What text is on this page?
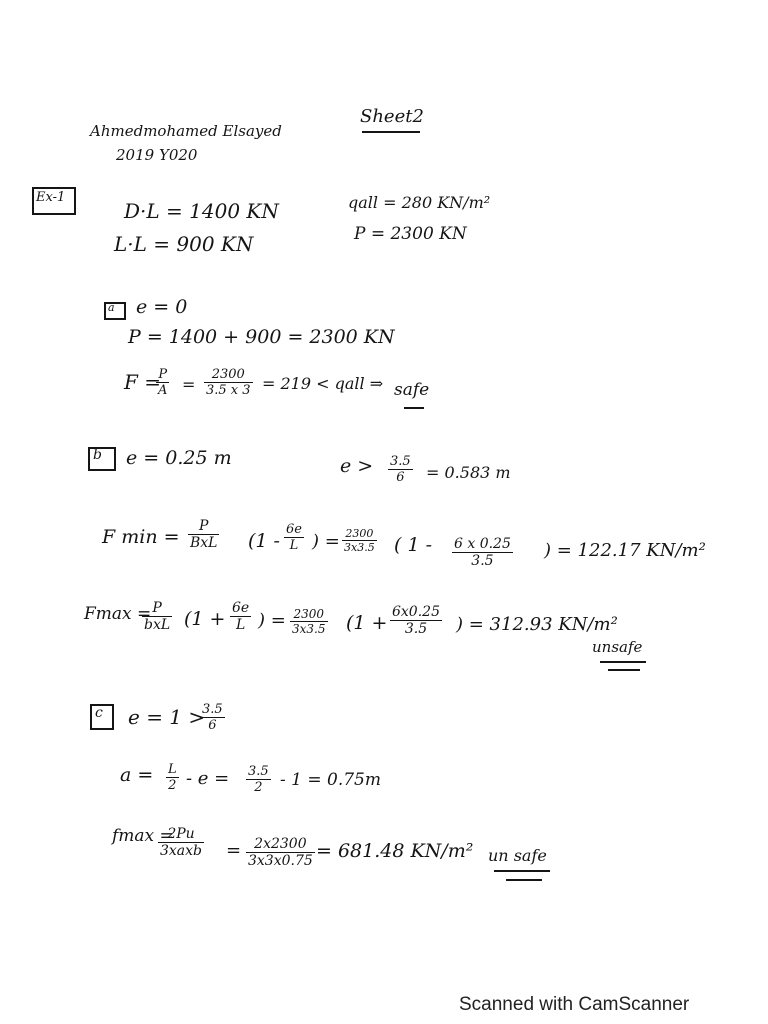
Ahmedmohamed Elsayed
2019 Y020
Sheet2
Ex-1
D·L = 1400 KN
L·L = 900 KN
qall = 280 KN/m²
P = 2300 KN
a e = 0
P = 1400 + 900 = 2300 KN
F =
$\frac{P}{A} = \frac{2300}{3.5 x 3} = 219$ < qall ⇒ safe
b e = 0.25 m	$e > \frac{3.5}{6} = 0.583$ m
F min =	P
BxL ($1 - \frac{6e}{L}$ ) = $\frac{2300}{3x3.5}$ ( $1 - \frac{6 x 0.25}{3.5}$ ) = 122.17 KN/m²
Fmax = P
bxL ($1 + \frac{6e}{L}$ ) = $\frac{2300}{3x3.5} (1 + \frac{6x0.25}{3.5}$ ) = 312.93 KN/m²
unsafe
c e = 1 >
$\frac{3.5}{6}$
$a = \frac{L}{2} - e = \frac{3.5}{2} - 1 = 0.75m$
fmax =
2Pu
3xaxb = $\frac{2x2300}{3x3x0.75} = 681.48$ KN/m² un safe
Scanned with CamScanner
